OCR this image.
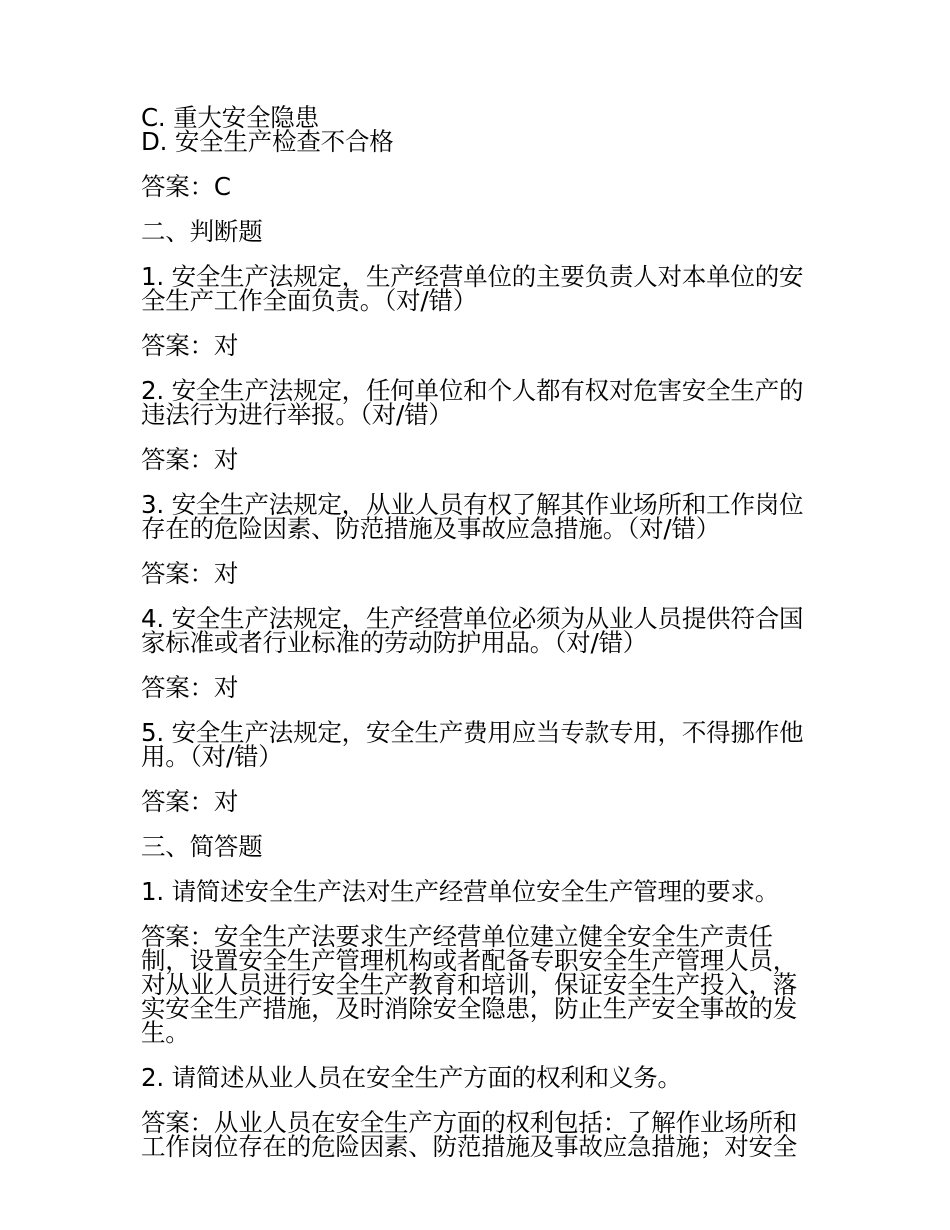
C. 重大安全隐患

D. 安全生产检查不合格

答案：C

二、判断题

1. 安全生产法规定，生产经营单位的主要负责人对本单位的安全生产工作全面负责。（对/错）

答案：对

2. 安全生产法规定，任何单位和个人都有权对危害安全生产的违法行为进行举报。（对/错）

答案：对

3. 安全生产法规定，从业人员有权了解其作业场所和工作岗位存在的危险因素、防范措施及事故应急措施。（对/错）

答案：对

4. 安全生产法规定，生产经营单位必须为从业人员提供符合国家标准或者行业标准的劳动防护用品。（对/错）

答案：对

5. 安全生产法规定，安全生产费用应当专款专用，不得挪作他用。（对/错）

答案：对

三、简答题

1. 请简述安全生产法对生产经营单位安全生产管理的要求。

答案：安全生产法要求生产经营单位建立健全安全生产责任制，设置安全生产管理机构或者配备专职安全生产管理人员，对从业人员进行安全生产教育和培训，保证安全生产投入，落实安全生产措施，及时消除安全隐患，防止生产安全事故的发生。

2. 请简述从业人员在安全生产方面的权利和义务。

答案：从业人员在安全生产方面的权利包括：了解作业场所和工作岗位存在的危险因素、防范措施及事故应急措施；对安全
